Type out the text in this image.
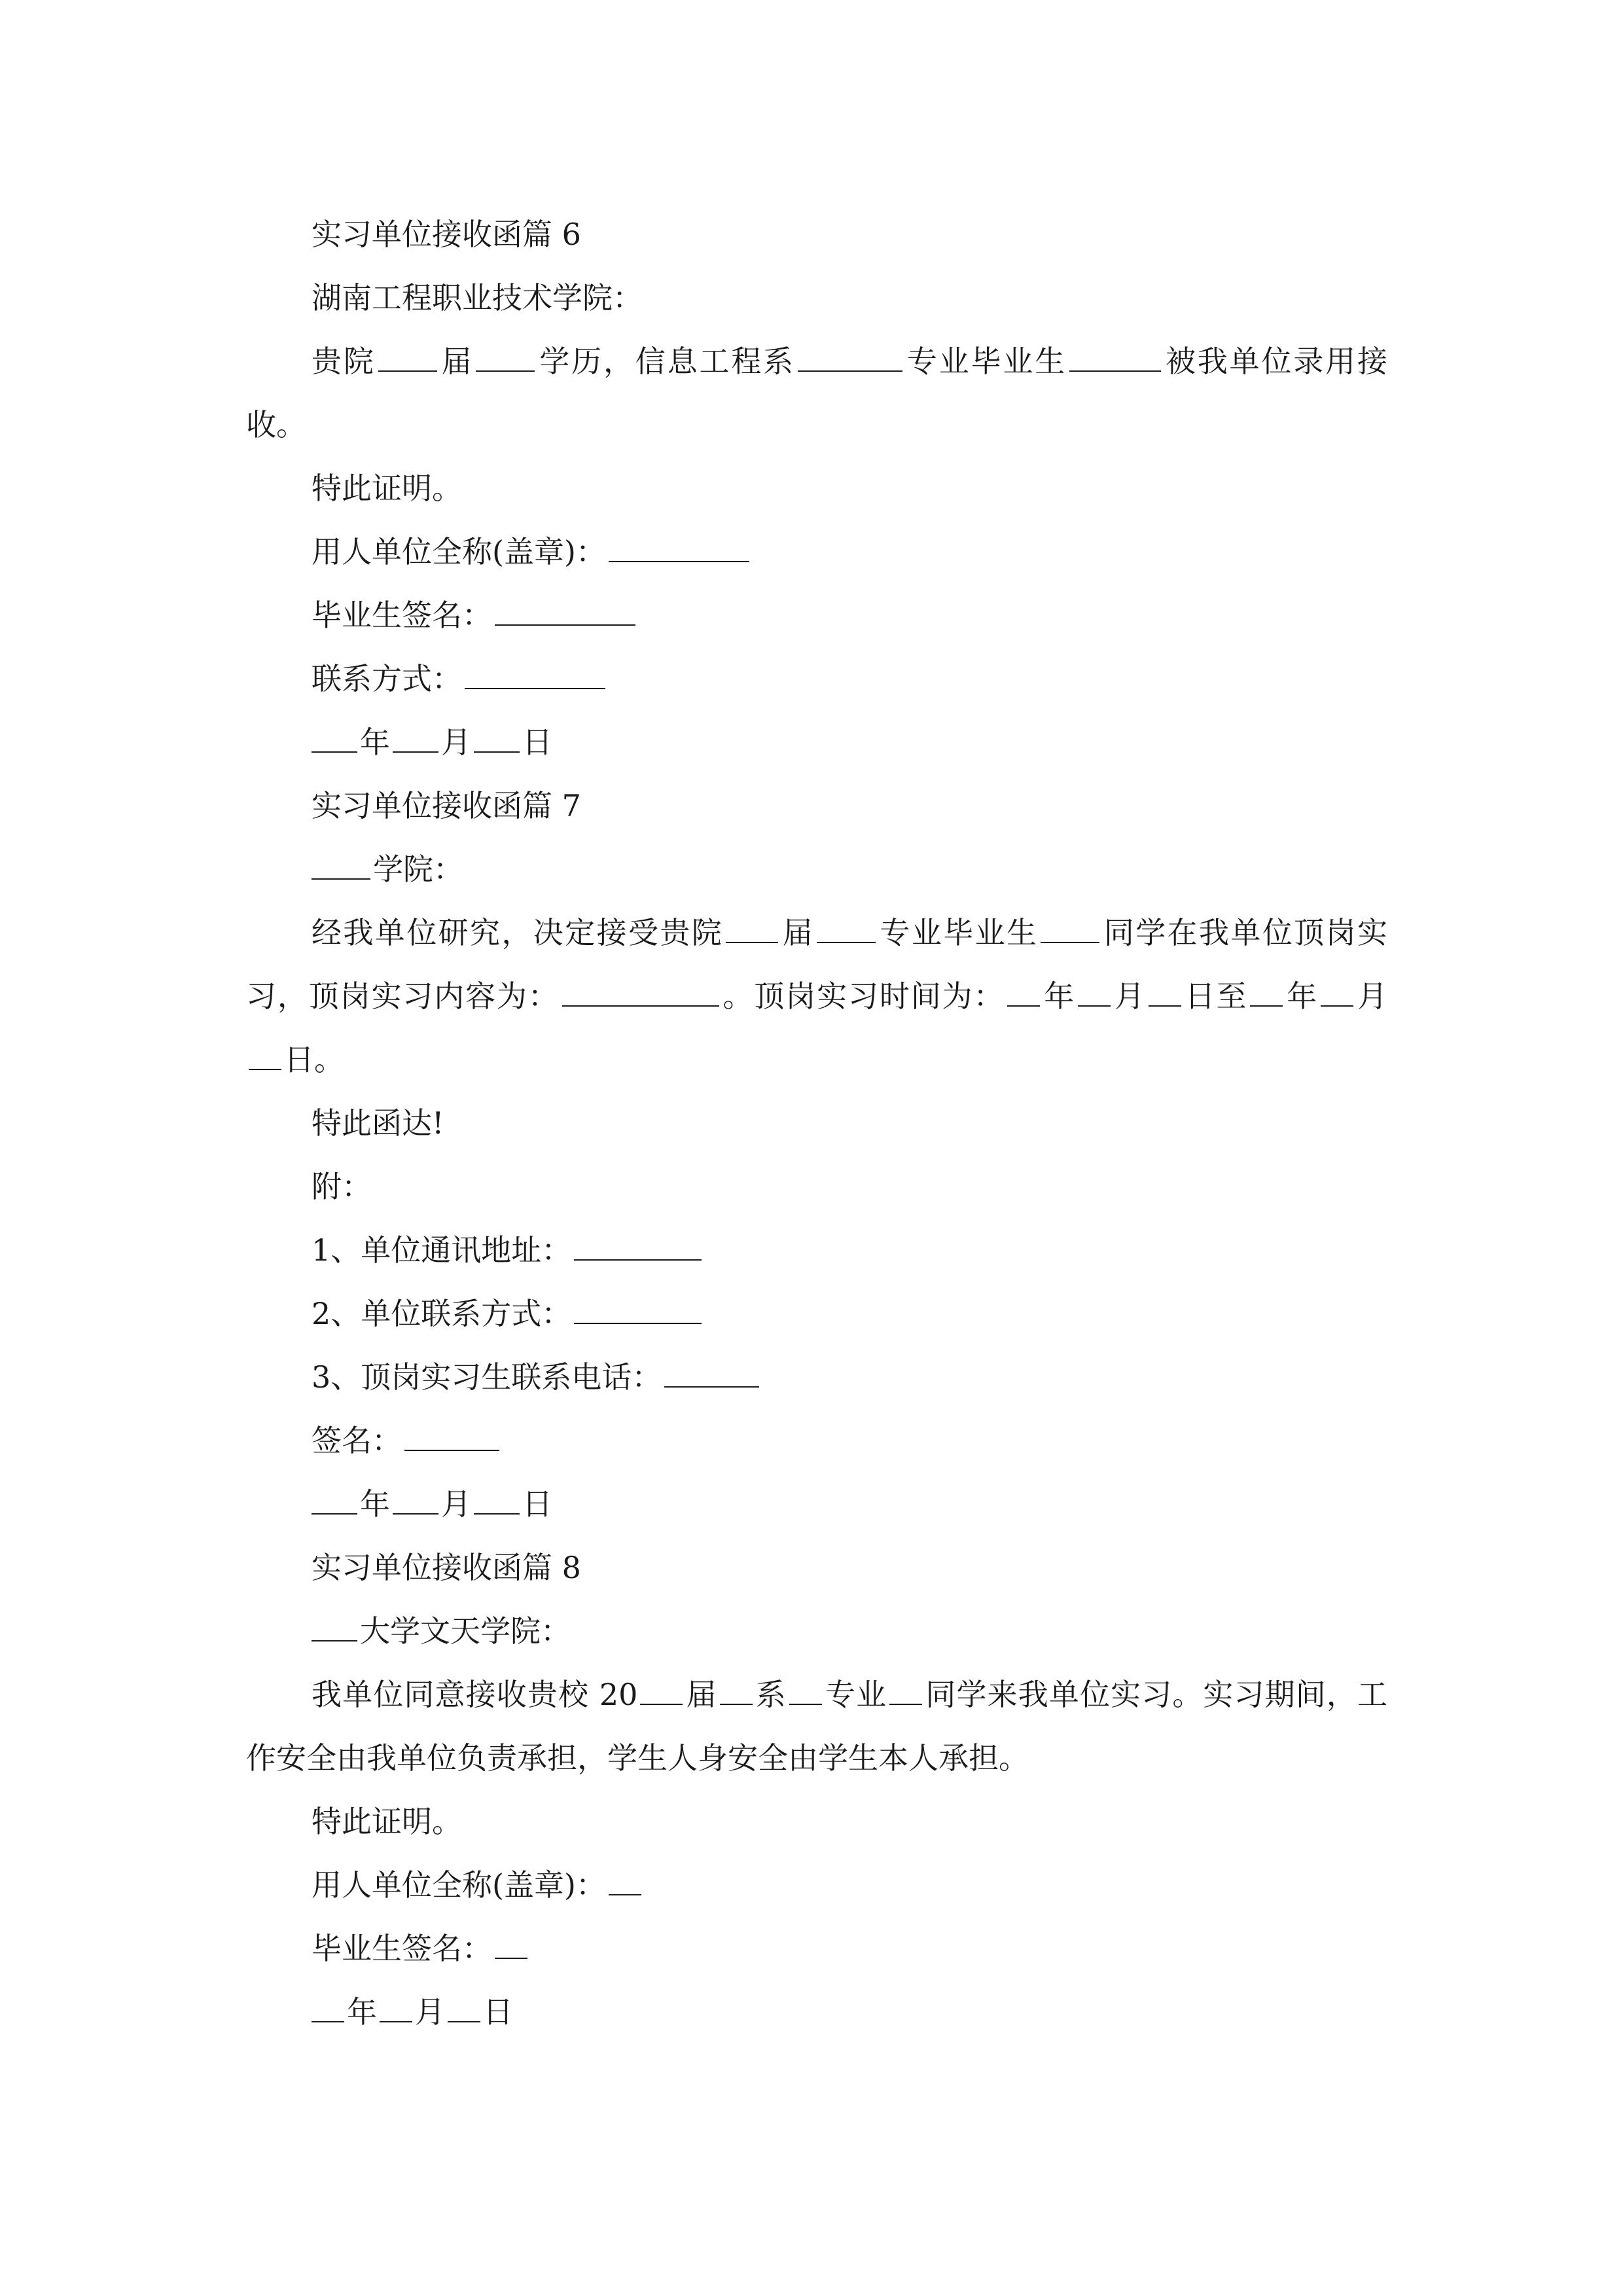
实习单位接收函篇 6

湖南工程职业技术学院：

贵院 届 学历，信息工程系	专业毕业生	被我单位录用接收。

特此证明。

用人单位全称(盖章)：

毕业生签名：

联系方式：

年 月 日

实习单位接收函篇 7

学院：

经我单位研究，决定接受贵院 届 专业毕业生 同学在我单位顶岗实习，顶岗实习内容为：	。顶岗实习时间为： 年 月 日至 年 月日。

特此函达!

附：

1、单位通讯地址：

2、单位联系方式：

3、顶岗实习生联系电话：

签名：

年 月 日

实习单位接收函篇 8

大学文天学院：

我单位同意接收贵校 20 届 系 专业 同学来我单位实习。实习期间，工作安全由我单位负责承担，学生人身安全由学生本人承担。

特此证明。

用人单位全称(盖章)：

毕业生签名：

年 月 日
